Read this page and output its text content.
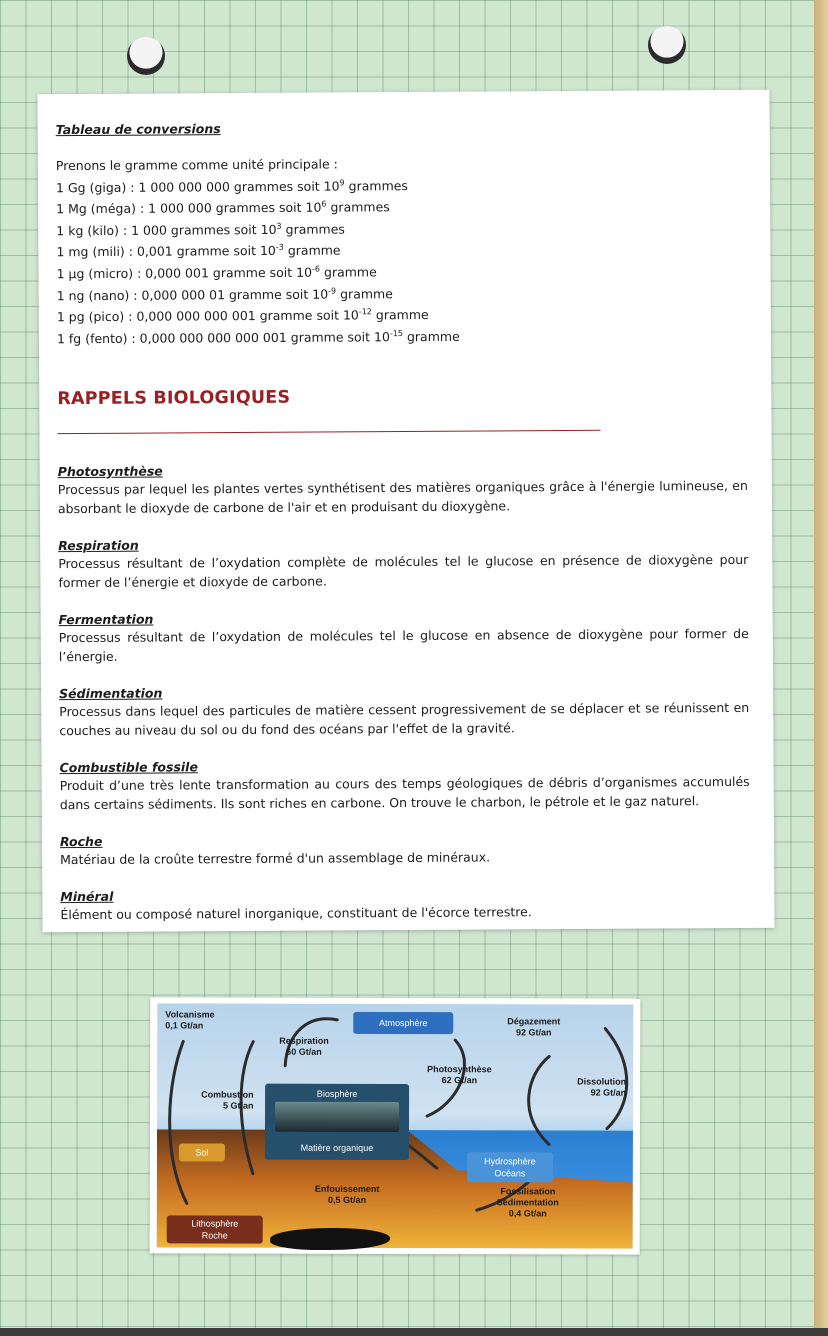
Tableau de conversions

Prenons le gramme comme unité principale :

1 Gg (giga) : 1 000 000 000 grammes soit $10^9$ grammes
1 Mg (méga) : 1 000 000 grammes soit $10^6$ grammes
1 kg (kilo) : 1 000 grammes soit $10^3$ grammes
1 mg (mili) : 0,001 gramme soit $10^{-3}$ gramme
1 µg (micro) : 0,000 001 gramme soit $10^{-6}$ gramme
1 ng (nano) : 0,000 000 01 gramme soit $10^{-9}$ gramme
1 pg (pico) : 0,000 000 000 001 gramme soit $10^{-12}$ gramme
1 fg (fento) : 0,000 000 000 000 001 gramme soit $10^{-15}$ gramme
RAPPELS BIOLOGIQUES
Photosynthèse
Processus par lequel les plantes vertes synthétisent des matières organiques grâce à l'énergie lumineuse, en absorbant le dioxyde de carbone de l'air et en produisant du dioxygène.
Respiration
Processus résultant de l’oxydation complète de molécules tel le glucose en présence de dioxygène pour former de l’énergie et dioxyde de carbone.
Fermentation
Processus résultant de l’oxydation de molécules tel le glucose en absence de dioxygène pour former de l’énergie.
Sédimentation
Processus dans lequel des particules de matière cessent progressivement de se déplacer et se réunissent en couches au niveau du sol ou du fond des océans par l'effet de la gravité.
Combustible fossile
Produit d’une très lente transformation au cours des temps géologiques de débris d’organismes accumulés dans certains sédiments. Ils sont riches en carbone. On trouve le charbon, le pétrole et le gaz naturel.
Roche
Matériau de la croûte terrestre formé d'un assemblage de minéraux.
Minéral
Élément ou composé naturel inorganique, constituant de l'écorce terrestre.
Atmosphère
Biosphère
Matière organique
Sol
Hydrosphère
Océans
Lithosphère
Roche
Volcanisme
0,1 Gt/an
Respiration
60 Gt/an
Combustion
5 Gt/an
Photosynthèse
62 Gt/an
Dégazement
92 Gt/an
Dissolution
92 Gt/an
Enfouissement
0,5 Gt/an
Fossilisation
Sédimentation
0,4 Gt/an
